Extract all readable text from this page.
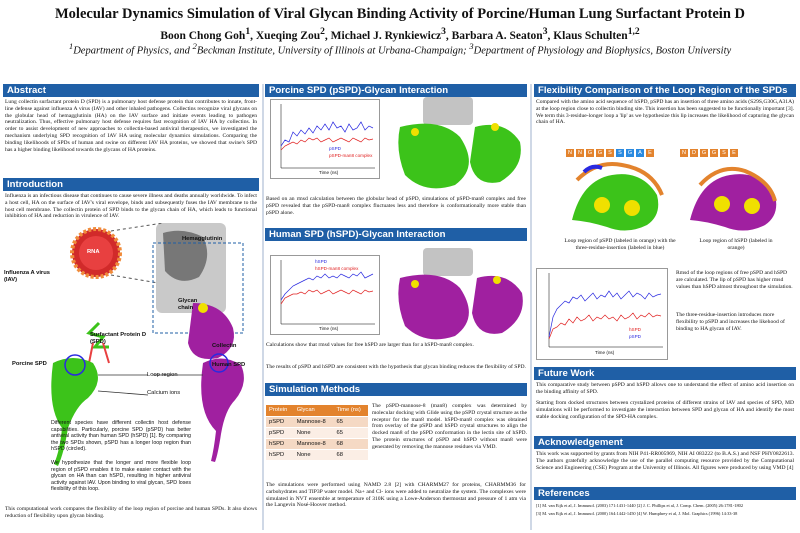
Molecular Dynamics Simulation of Viral Glycan Binding Activity of Porcine/Human Lung Surfactant Protein D
Boon Chong Goh$^1$, Xueqing Zou$^2$, Michael J. Rynkiewicz$^3$, Barbara A. Seaton$^3$, Klaus Schulten$^{1,2}$
$^1$Department of Physics, and $^2$Beckman Institute, University of Illinois at Urbana-Champaign; $^3$Department of Physiology and Biophysics, Boston University
Abstract
Lung collectin surfactant protein D (SPD) is a pulmonary host defense protein that contributes to innate, front-line defense against influenza A virus (IAV) and other inhaled pathogens. Collectins recognize viral glycans on the globular head of hemagglutinin (HA) on the IAV surface and initiate events leading to pathogen neutralization. Thus, effective pulmonary host defense requires fast recognition of IAV HA by collectins. In order to assist development of new approaches to collectin-based antiviral therapeutics, we investigated the mechanism underlying SPD recognition of IAV HA using molecular dynamics simulations. Comparing the binding likelihoods of SPDs of human and swine on different IAV HA proteins, we showed that swine's SPD has a higher binding likelihood towards the glycans of HA proteins.
Introduction
Influenza is an infectious disease that continues to cause severe illness and deaths annually worldwide. To infect a host cell, HA on the surface of IAV's viral envelope, binds and subsequently fuses the IAV membrane to the host cell membrane. The collectin protein of SPD binds to the glycan chain of HA, which leads to functional inhibition of HA and reduction in virulence of IAV.
RNA
Influenza A virus (IAV)
Hemagglutinin
Glycan chain
Surfactant Protein D (SPD)
Collectin
Porcine SPD	Human SPD
Loop region
Calcium ions
Different species have different collectin host defense capabilities. Particularly, porcine SPD (pSPD) has better antiviral activity than human SPD (hSPD) [1]. By comparing the two SPDs shown, pSPD has a longer loop region than hSPD (circled).
We hypothesize that the longer and more flexible loop region of pSPD enables it to make easier contact with the glycan on HA than can hSPD, resulting in higher antiviral activity against IAV. Upon binding to viral glycan, SPD loses flexibility of this loop.
This computational work compares the flexibility of the loop region of porcine and human SPDs. It also shows reduction of flexibility upon glycan binding.
Porcine SPD (pSPD)-Glycan Interaction
pSPD
pSPD-man8 complex
Time (ns)
Based on an rmsd calculation between the globular head of pSPD, simulations of pSPD-man8 complex and free pSPD revealed that the pSPD-man8 complex fluctuates less and therefore is conformationally more stable than pSPD alone.
Human SPD (hSPD)-Glycan Interaction
hSPD
hSPD-man8 complex
Time (ns)
Calculations show that rmsd values for free hSPD are larger than for a hSPD-man8 complex.
The results of pSPD and hSPD are consistent with the hypothesis that glycan binding reduces the flexibility of SPD.
Simulation Methods
Protein	Glycan	Time (ns)
pSPD	Mannose-8	65
pSPD	None	65
hSPD	Mannose-8	68
hSPD	None	68
The pSPD-mannose-8 (man8) complex was determined by molecular docking with Glide using the pSPD crystal structure as the receptor for the man8 model. hSPD-man8 complex was obtained from overlay of the pSPD and hSPD crystal structures to align the docked man8 of the pSPD conformation in the lectin site of hSPD. The protein structures of pSPD and hSPD without man8 were generated by removing the mannose residues via VMD.
The simulations were performed using NAMD 2.8 [2] with CHARMM27 for proteins, CHARMM36 for carbohydrates and TIP3P water model. Na+ and Cl- ions were added to neutralize the system. The complexes were simulated in NVT ensemble at temperature of 310K using a Lowe-Anderson thermostat and pressure of 1 atm via the Langevin Nosé-Hoover method.
Flexibility Comparison of the Loop Region of the SPDs
Compared with the amino acid sequence of hSPD, pSPD has an insertion of three amino acids (S29S,G30G,A31A) at the loop region close to collectin binding site. This insertion has been suggested to be functionally important [3]. We term this 3-residue-longer loop a 'lip' as we hypothesize this lip increases the likelihood of capturing the glycan chain of HA.
N	N	G	G	S	S	G	A	E	N	D	G	G	S	E
Loop region of pSPD (labeled in orange) with the three-residue-insertion (labeled in blue)
Loop region of hSPD (labeled in orange)
hSPD
pSPD
Time (ns)
Rmsd of the loop regions of free pSPD and hSPD are calculated. The lip of pSPD has higher rmsd values than hSPD almost throughout the simulation.
The three-residue-insertion introduces more flexibility to pSPD and increases the likehood of binding to HA glycan of IAV.
Future Work
This comparative study between pSPD and hSPD allows one to understand the effect of amino acid insertion on the binding affinity of SPD.
Starting from docked structures between crystalized proteins of different strains of IAV and species of SPD, MD simulations will be performed to investigate the interaction between SPD and glycan of HA and identify the most stable docking configuration of the SPD-HA complex.
Acknowledgement
This work was supported by grants from NIH P41-RR005969, NIH AI 083222 (to B.A.S.) and NSF PHY0822613. The authors gratefully acknowledge the use of the parallel computing resource provided by the Computational Science and Engineering (CSE) Program at the University of Illinois. All figures were produced by using VMD [4]
References
[1] M. van Eijk et al, J. Immunol. (2003) 171:1431-1440 [2] J. C. Phillips et al, J. Comp. Chem. (2005) 26:1781-1802
[3] M. van Eijk et al, J. Immunol. (2000) 164:1442-1450 [4] W. Humphrey et al, J. Mol. Graphics (1996) 14:33-38
